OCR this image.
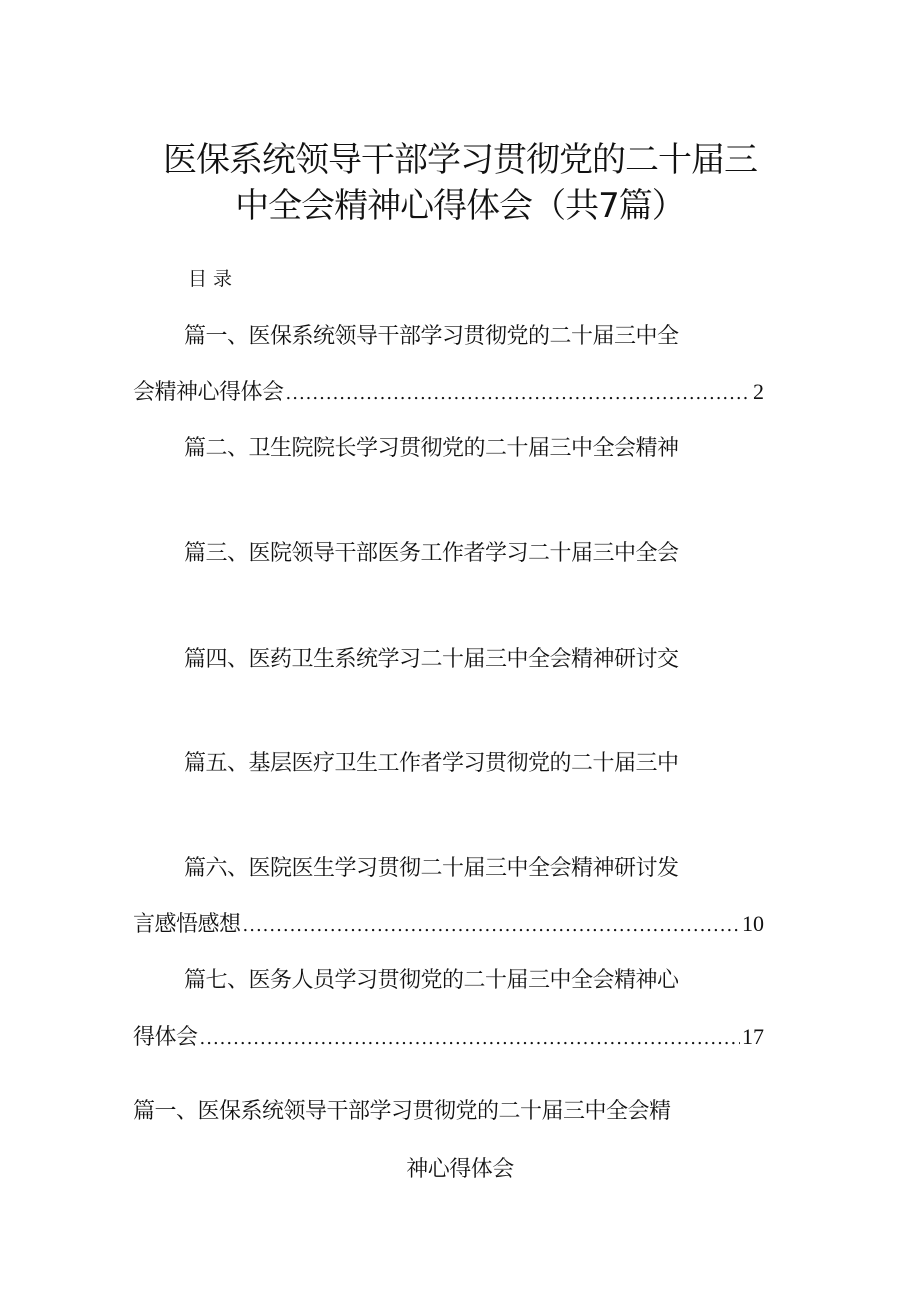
医保系统领导干部学习贯彻党的二十届三
中全会精神心得体会（共7篇）
目录
篇一、医保系统领导干部学习贯彻党的二十届三中全
会精神心得体会 .....	2
篇二、卫生院院长学习贯彻党的二十届三中全会精神
篇三、医院领导干部医务工作者学习二十届三中全会
篇四、医药卫生系统学习二十届三中全会精神研讨交
篇五、基层医疗卫生工作者学习贯彻党的二十届三中
篇六、医院医生学习贯彻二十届三中全会精神研讨发
言感悟感想 .....	10
篇七、医务人员学习贯彻党的二十届三中全会精神心
得体会 .....	17
篇一、医保系统领导干部学习贯彻党的二十届三中全会精
神心得体会
